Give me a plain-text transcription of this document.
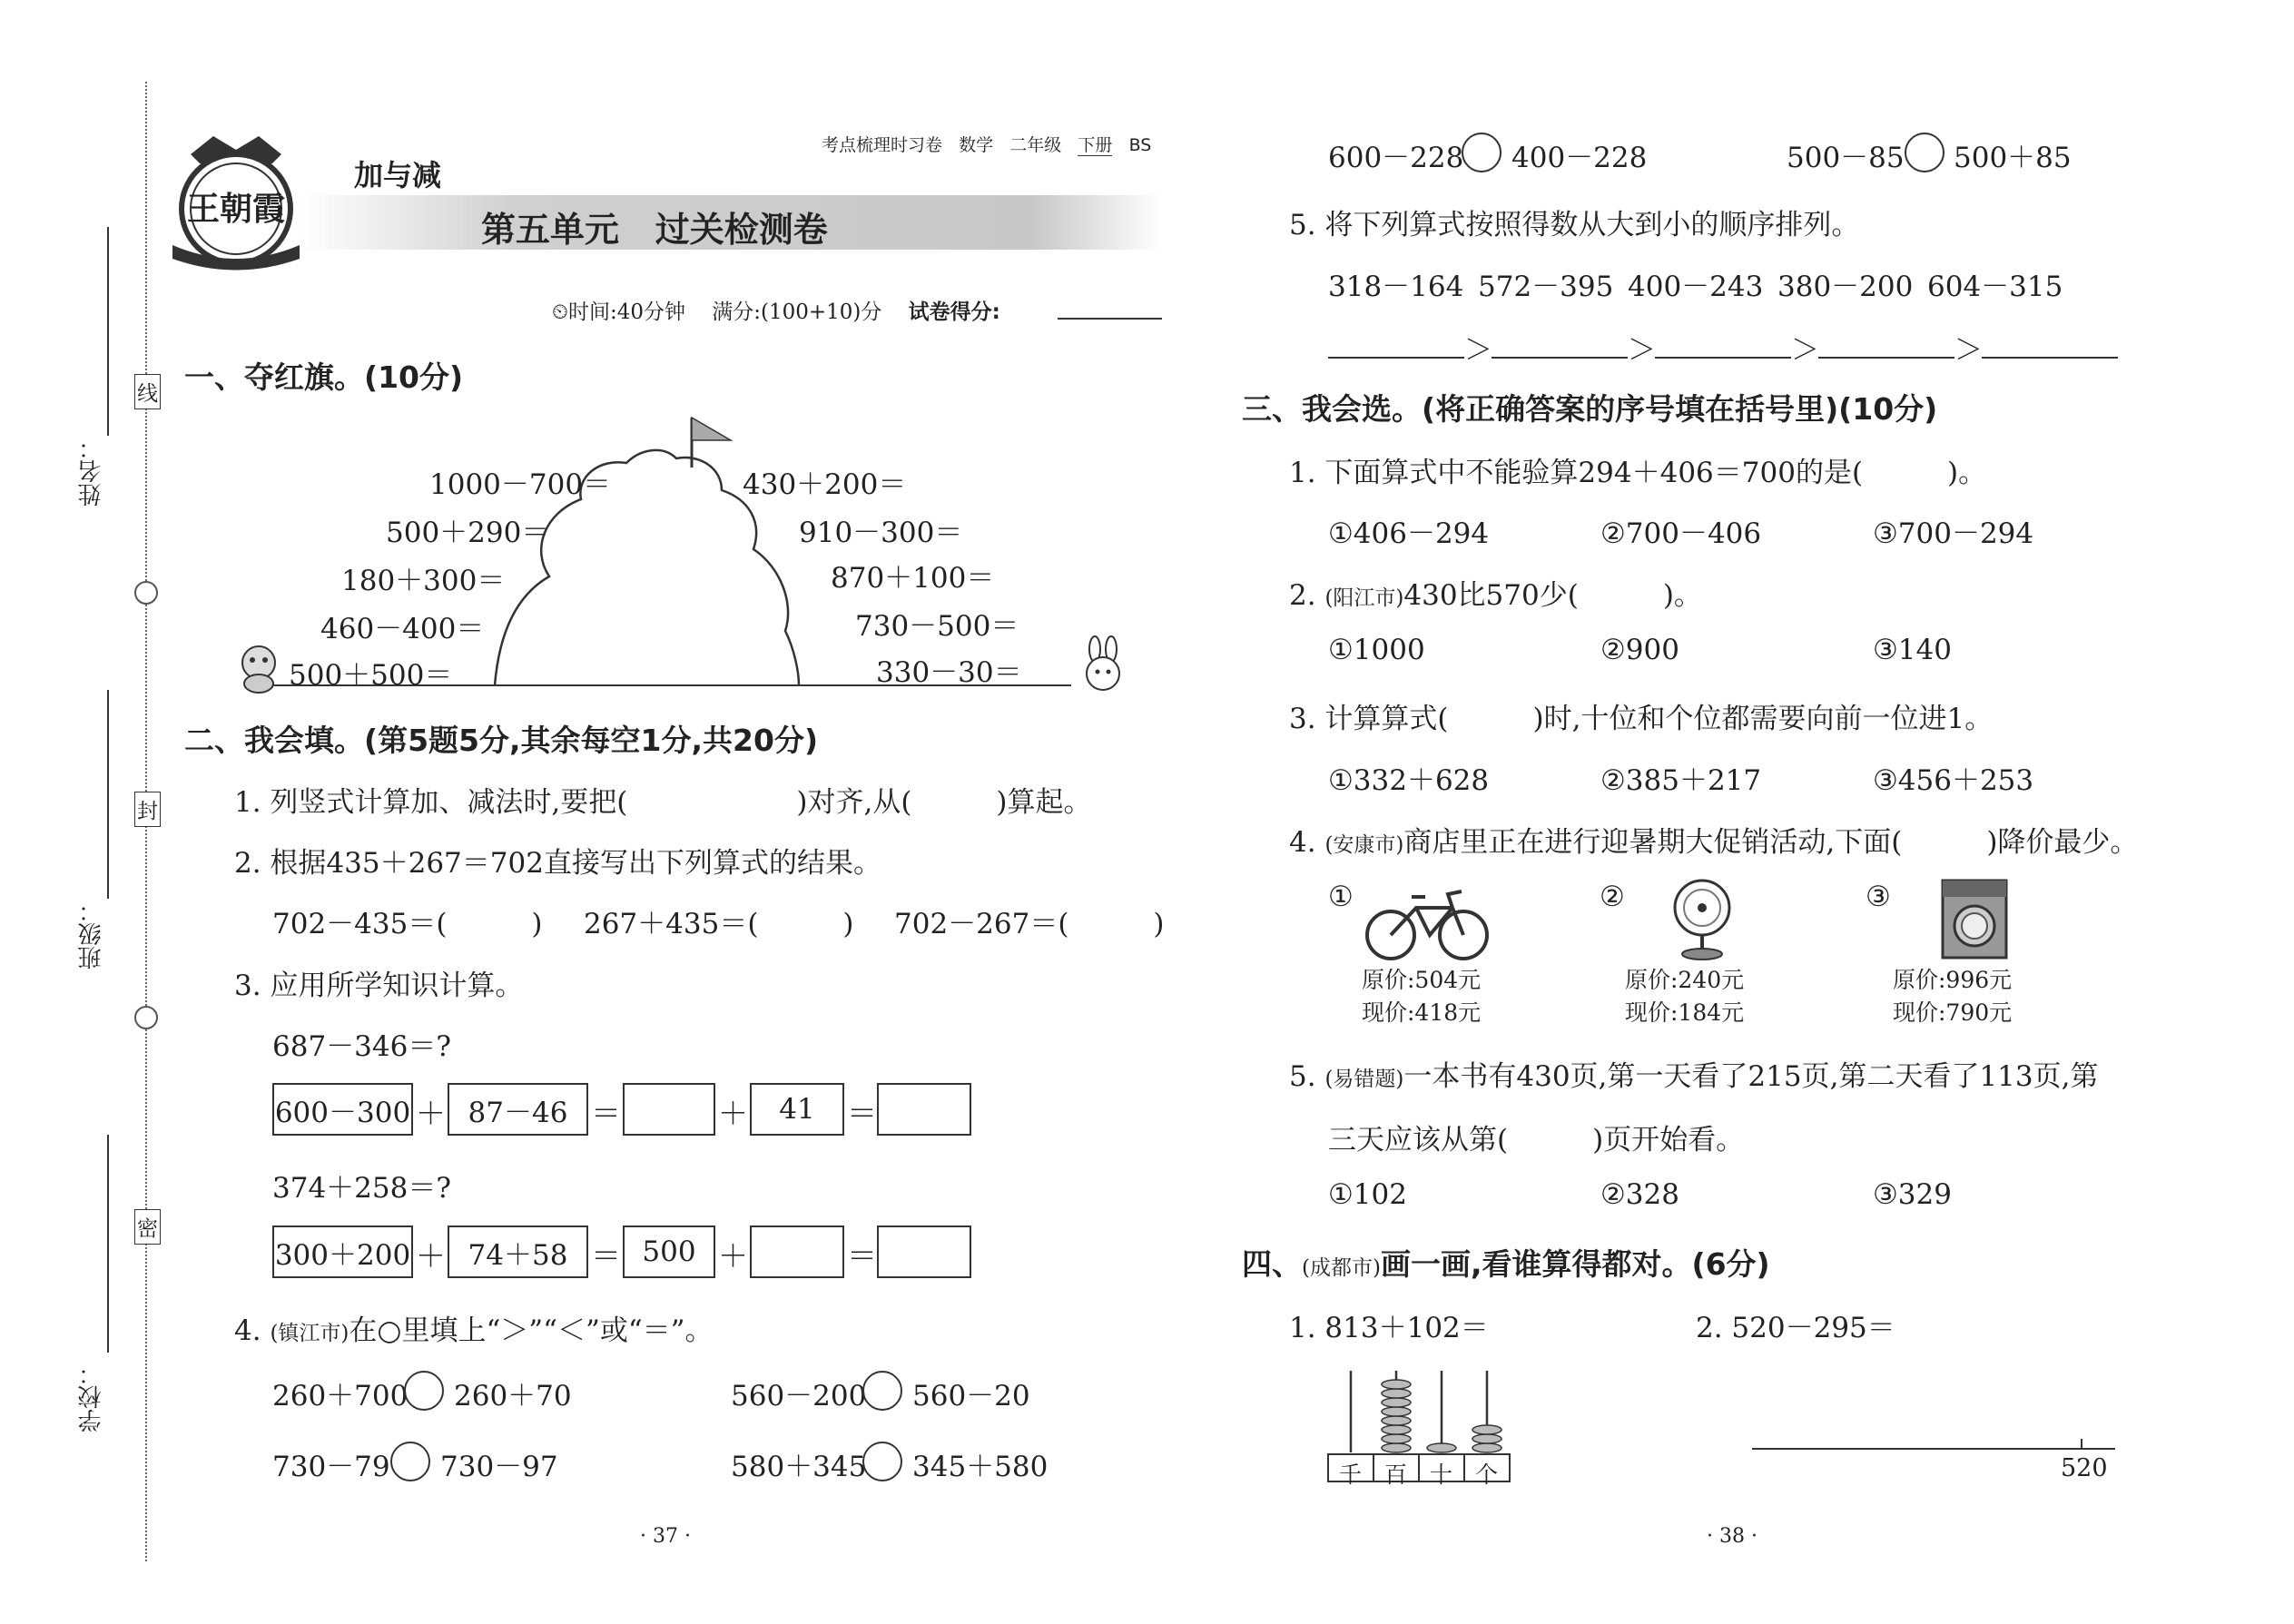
姓名：
班级：
学校：
线
封
密
王朝霞
加与减
考点梳理时习卷 数学 二年级 下册 BS
第五单元 过关检测卷
⏲时间:40分钟 满分:(100+10)分 试卷得分:
一、夺红旗。(10分)
1000－700＝
500＋290＝
180＋300＝
460－400＝
500＋500＝
430＋200＝
910－300＝
870＋100＝
730－500＝
330－30＝
二、我会填。(第5题5分,其余每空1分,共20分)
1. 列竖式计算加、减法时,要把(　　　　　　)对齐,从(　　　)算起。
2. 根据435＋267＝702直接写出下列算式的结果。
702－435＝(　　　) 267＋435＝(　　　) 702－267＝(　　　)
3. 应用所学知识计算。
687－346＝?
600－300 ＋ 87－46 ＝	＋	41	＝
374＋258＝?
300＋200 ＋ 74＋58 ＝ 500 ＋	＝
4. (镇江市)在○里填上“＞”“＜”或“＝”。
260＋700 260＋70	560－200 560－20
730－79 730－97	580＋345 345＋580
· 37 ·
600－228 400－228	500－85 500＋85
5. 将下列算式按照得数从大到小的顺序排列。
318－164 572－395 400－243 380－200 604－315
＞	＞	＞	＞
三、我会选。(将正确答案的序号填在括号里)(10分)
1. 下面算式中不能验算294＋406＝700的是(　　　)。
①406－294	②700－406	③700－294
2. (阳江市)430比570少(　　　)。
①1000	②900	③140
3. 计算算式(　　　)时,十位和个位都需要向前一位进1。
①332＋628	②385＋217	③456＋253
4. (安康市)商店里正在进行迎暑期大促销活动,下面(　　　)降价最少。
①
原价:504元
现价:418元
②
原价:240元
现价:184元
③
原价:996元
现价:790元
5. (易错题)一本书有430页,第一天看了215页,第二天看了113页,第
三天应该从第(　　　)页开始看。
①102	②328	③329
四、(成都市)画一画,看谁算得都对。(6分)
1. 813＋102＝	2. 520－295＝
千 百 十 个	520
· 38 ·
